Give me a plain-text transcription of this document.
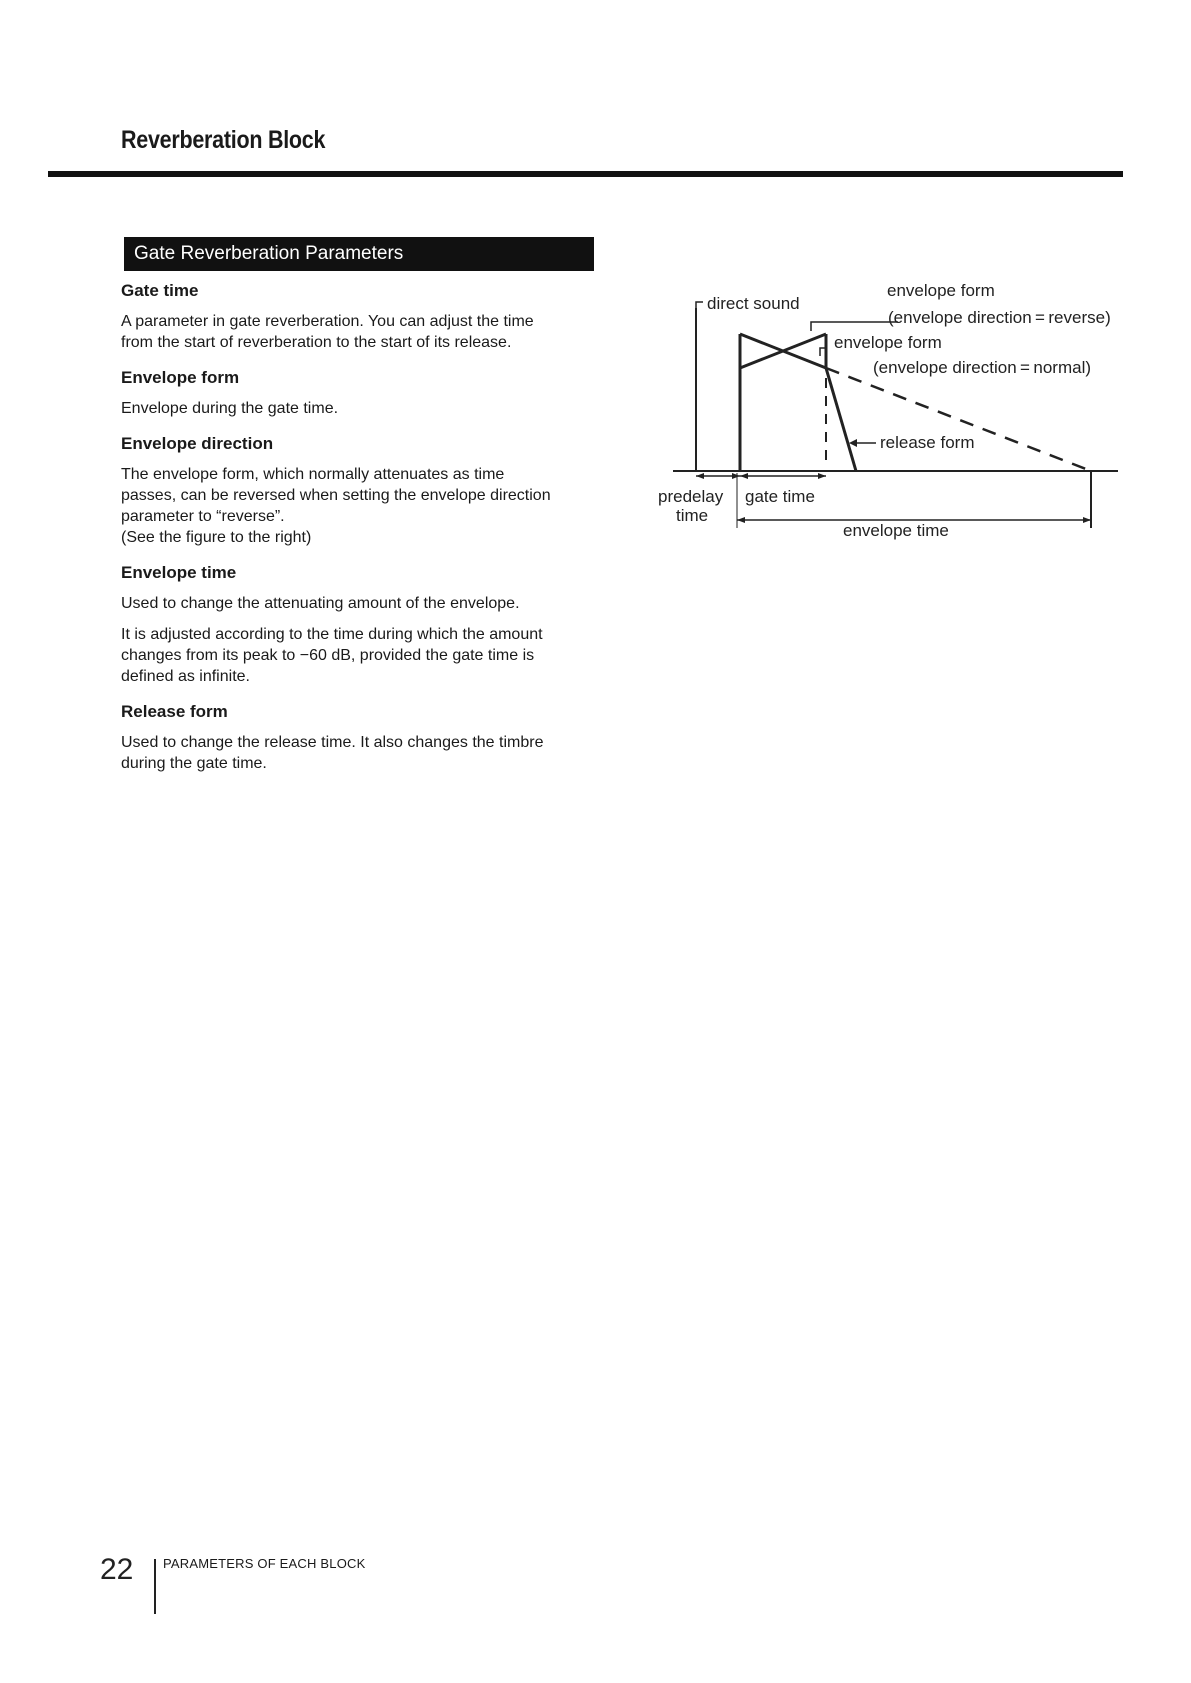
Reverberation Block
Gate Reverberation Parameters
Gate time

A parameter in gate reverberation. You can adjust the time
from the start of reverberation to the start of its release.

Envelope form

Envelope during the gate time.

Envelope direction

The envelope form, which normally attenuates as time
passes, can be reversed when setting the envelope direction
parameter to “reverse”.
(See the figure to the right)

Envelope time

Used to change the attenuating amount of the envelope.

It is adjusted according to the time during which the amount
changes from its peak to −60 dB, provided the gate time is
defined as infinite.

Release form

Used to change the release time. It also changes the timbre
during the gate time.

direct sound
envelope form
(envelope direction = reverse)
envelope form
(envelope direction = normal)
release form
predelay
time
gate time
envelope time
22 PARAMETERS OF EACH BLOCK
